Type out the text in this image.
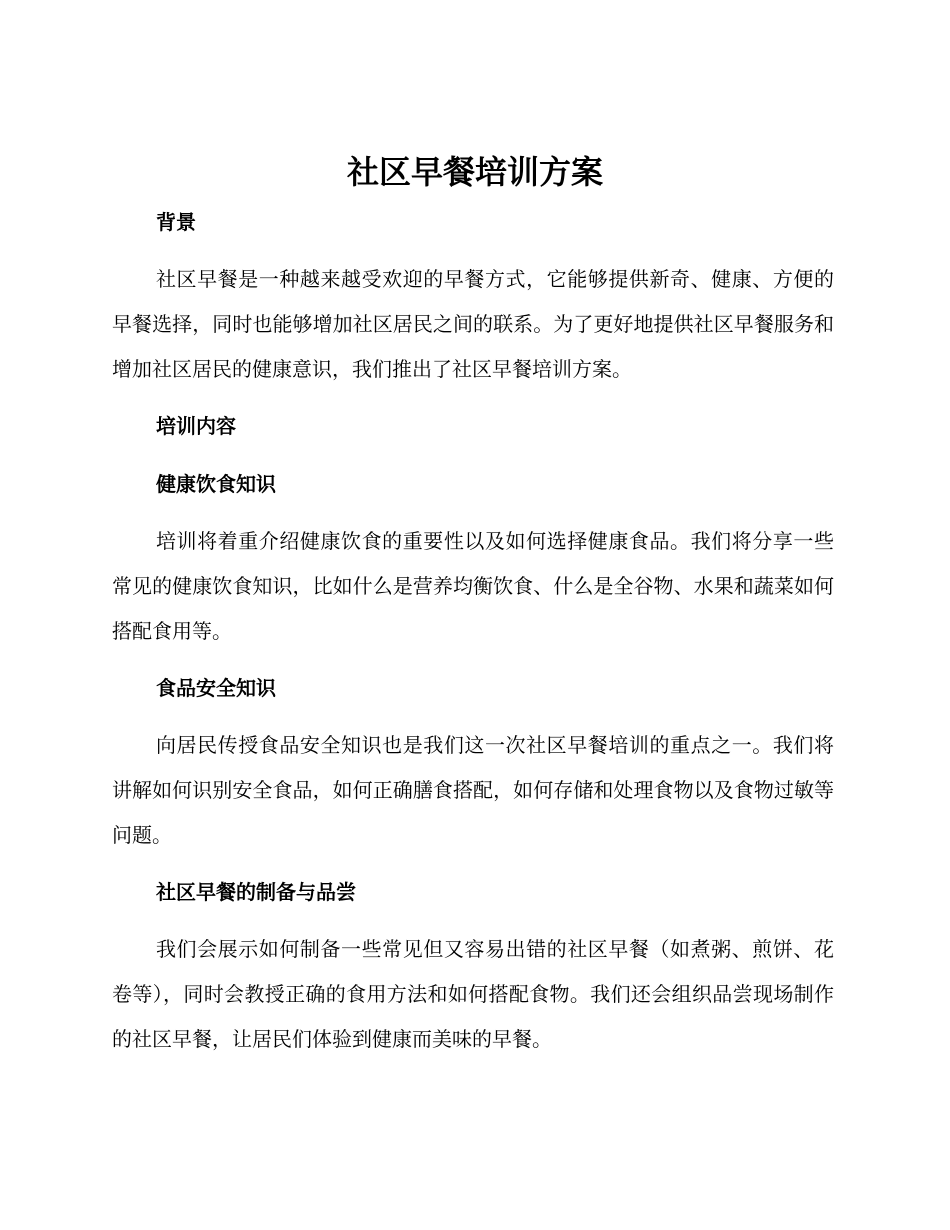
社区早餐培训方案
背景

社区早餐是一种越来越受欢迎的早餐方式，它能够提供新奇、健康、方便的早餐选择，同时也能够增加社区居民之间的联系。为了更好地提供社区早餐服务和增加社区居民的健康意识，我们推出了社区早餐培训方案。

培训内容
健康饮食知识

培训将着重介绍健康饮食的重要性以及如何选择健康食品。我们将分享一些常见的健康饮食知识，比如什么是营养均衡饮食、什么是全谷物、水果和蔬菜如何搭配食用等。

食品安全知识

向居民传授食品安全知识也是我们这一次社区早餐培训的重点之一。我们将讲解如何识别安全食品，如何正确膳食搭配，如何存储和处理食物以及食物过敏等问题。

社区早餐的制备与品尝

我们会展示如何制备一些常见但又容易出错的社区早餐（如煮粥、煎饼、花卷等），同时会教授正确的食用方法和如何搭配食物。我们还会组织品尝现场制作的社区早餐，让居民们体验到健康而美味的早餐。
